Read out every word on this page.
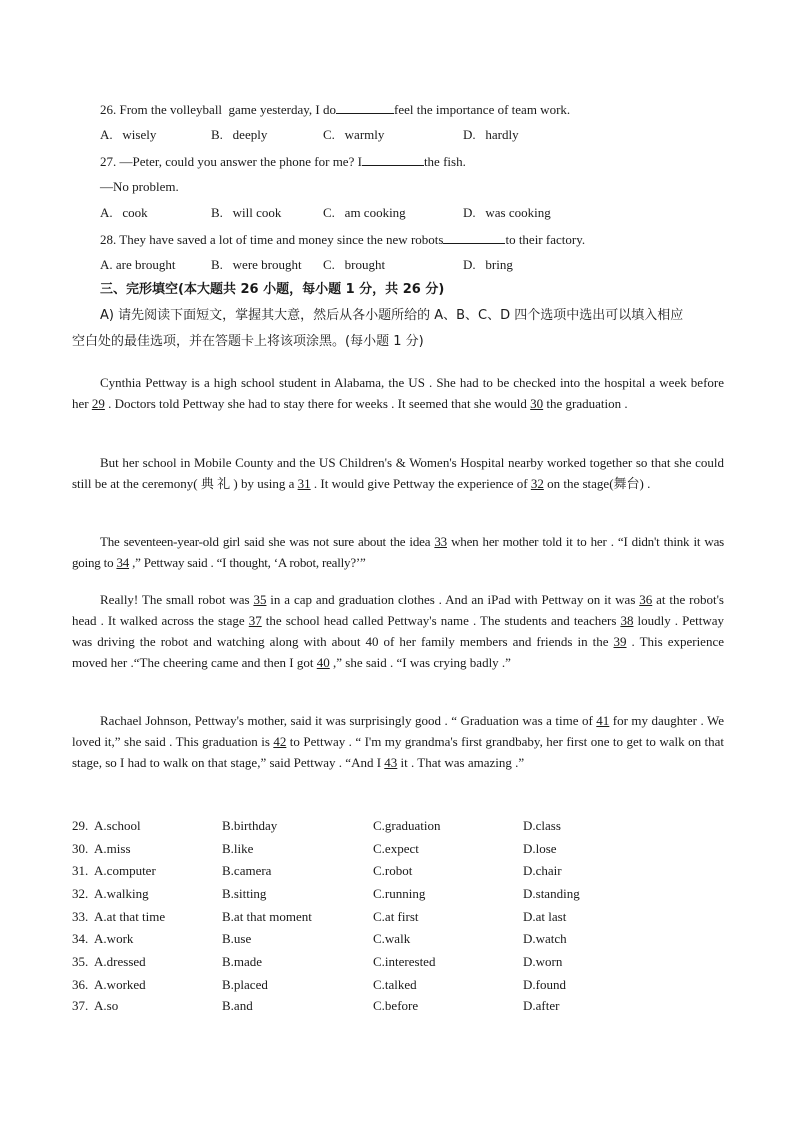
26. From the volleyball  game yesterday, I do	feel the importance of team work.
A. wisely	B. deeply	C. warmly	D. hardly
27. —Peter, could you answer the phone for me? I	the fish.
—No problem.
A. cook	B. will cook	C. am cooking	D. was cooking
28. They have saved a lot of time and money since the new robots	to their factory.
A. are brought	B. were brought C. brought	D. bring
三、完形填空(本大题共 26 小题，每小题 1 分，共 26 分)
A) 请先阅读下面短文，掌握其大意，然后从各小题所给的 A、B、C、D 四个选项中选出可以填入相应
空白处的最佳选项，并在答题卡上将该项涂黑。(每小题 1 分)
Cynthia Pettway is a high school student in Alabama, the US . She had to be checked into the hospital a week before her 29 . Doctors told Pettway she had to stay there for weeks . It seemed that she would 30 the graduation .
But her school in Mobile County and the US Children's & Women's Hospital nearby worked together so that she could still be at the ceremony( 典 礼 ) by using a 31 . It would give Pettway the experience of 32 on the stage(舞台) .
The seventeen-year-old girl said she was not sure about the idea 33 when her mother told it to her . “I didn't think it was going to 34 ,” Pettway said . “I thought, ‘A robot, really?’”
Really! The small robot was 35 in a cap and graduation clothes . And an iPad with Pettway on it was 36 at the robot's head . It walked across the stage 37 the school head called Pettway's name . The students and teachers 38 loudly . Pettway was driving the robot and watching along with about 40 of her family members and friends in the 39 . This experience moved her .“The cheering came and then I got 40 ,” she said . “I was crying badly .”
Rachael Johnson, Pettway's mother, said it was surprisingly good . “ Graduation was a time of 41 for my daughter . We loved it,” she said . This graduation is 42 to Pettway . “ I'm my grandma's first grandbaby, her first one to get to walk on that stage, so I had to walk on that stage,” said Pettway . “And I 43 it . That was amazing .”
29. A.school	B.birthday	C.graduation	D.class
30. A.miss	B.like	C.expect	D.lose
31. A.computer	B.camera	C.robot	D.chair
32. A.walking	B.sitting	C.running	D.standing
33. A.at that time	B.at that moment	C.at first	D.at last
34. A.work	B.use	C.walk	D.watch
35. A.dressed	B.made	C.interested	D.worn
36. A.worked	B.placed	C.talked	D.found
37. A.so	B.and	C.before	D.after
